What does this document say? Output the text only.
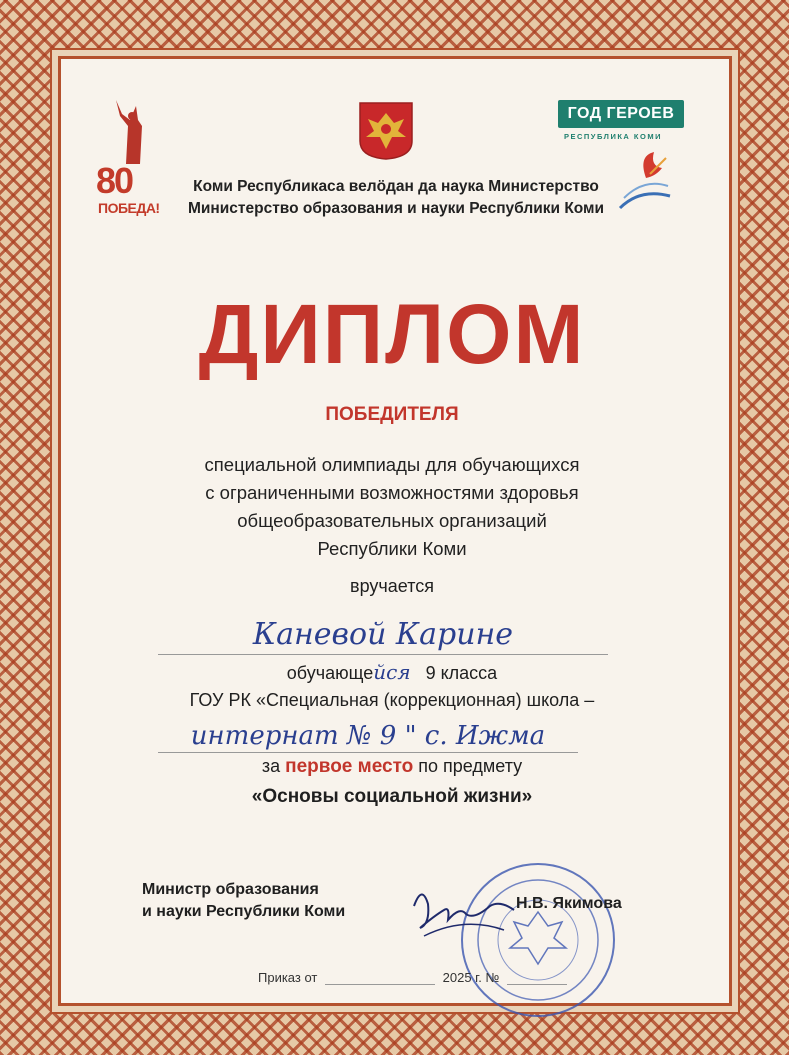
80
ПОБЕДА!
ГОД ГЕРОЕВ
РЕСПУБЛИКА КОМИ
Коми Республикаса велӧдан да наука Министерство
Министерство образования и науки Республики Коми
ДИПЛОМ
ПОБЕДИТЕЛЯ
специальной олимпиады для обучающихся
с ограниченными возможностями здоровья
общеобразовательных организаций
Республики Коми
вручается
Каневой Карине
обучающейся 9 класса
ГОУ РК «Специальная (коррекционная) школа –
интернат № 9 " с. Ижма
за первое место по предмету
«Основы социальной жизни»
Министр образования
и науки Республики Коми	Н.В. Якимова
Приказ от	2025 г. №
